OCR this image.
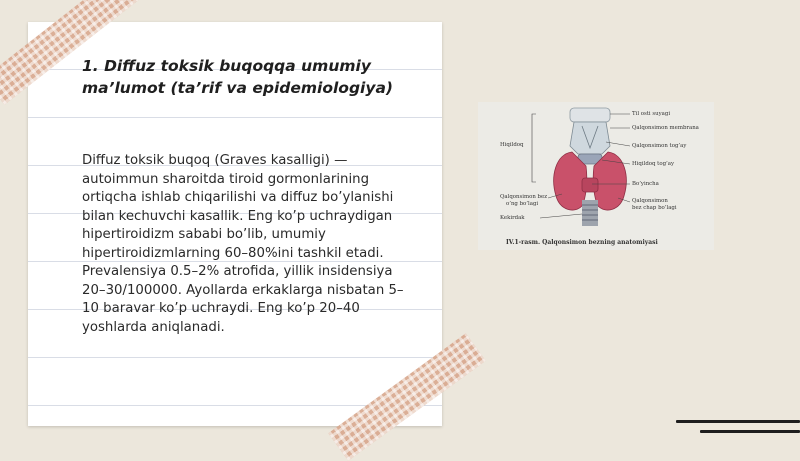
1. Diffuz toksik buqoqqa umumiy ma’lumot (ta’rif va epidemiologiya)

Diffuz toksik buqoq (Graves kasalligi) — autoimmun sharoitda tiroid gormonlarining ortiqcha ishlab chiqarilishi va diffuz bo’ylanishi bilan kechuvchi kasallik. Eng ko’p uchraydigan hipertiroidizm sababi bo’lib, umumiy hipertiroidizmlarning 60–80%ini tashkil etadi. Prevalensiya 0.5–2% atrofida, yillik insidensiya 20–30/100000. Ayollarda erkaklarga nisbatan 5–10 baravar ko’p uchraydi. Eng ko’p 20–40 yoshlarda aniqlanadi.

Hiqildoq
Til osti suyagi
Qalqonsimon membrana
Qalqonsimon tog’ay
Hiqildoq tog’ay
Bo’yincha
Qalqonsimon
bez chap bo’lagi
Qalqonsimon bez
o’ng bo’lagi
Kekirdak
IV.1-rasm. Qalqonsimon bezning anatomiyasi
